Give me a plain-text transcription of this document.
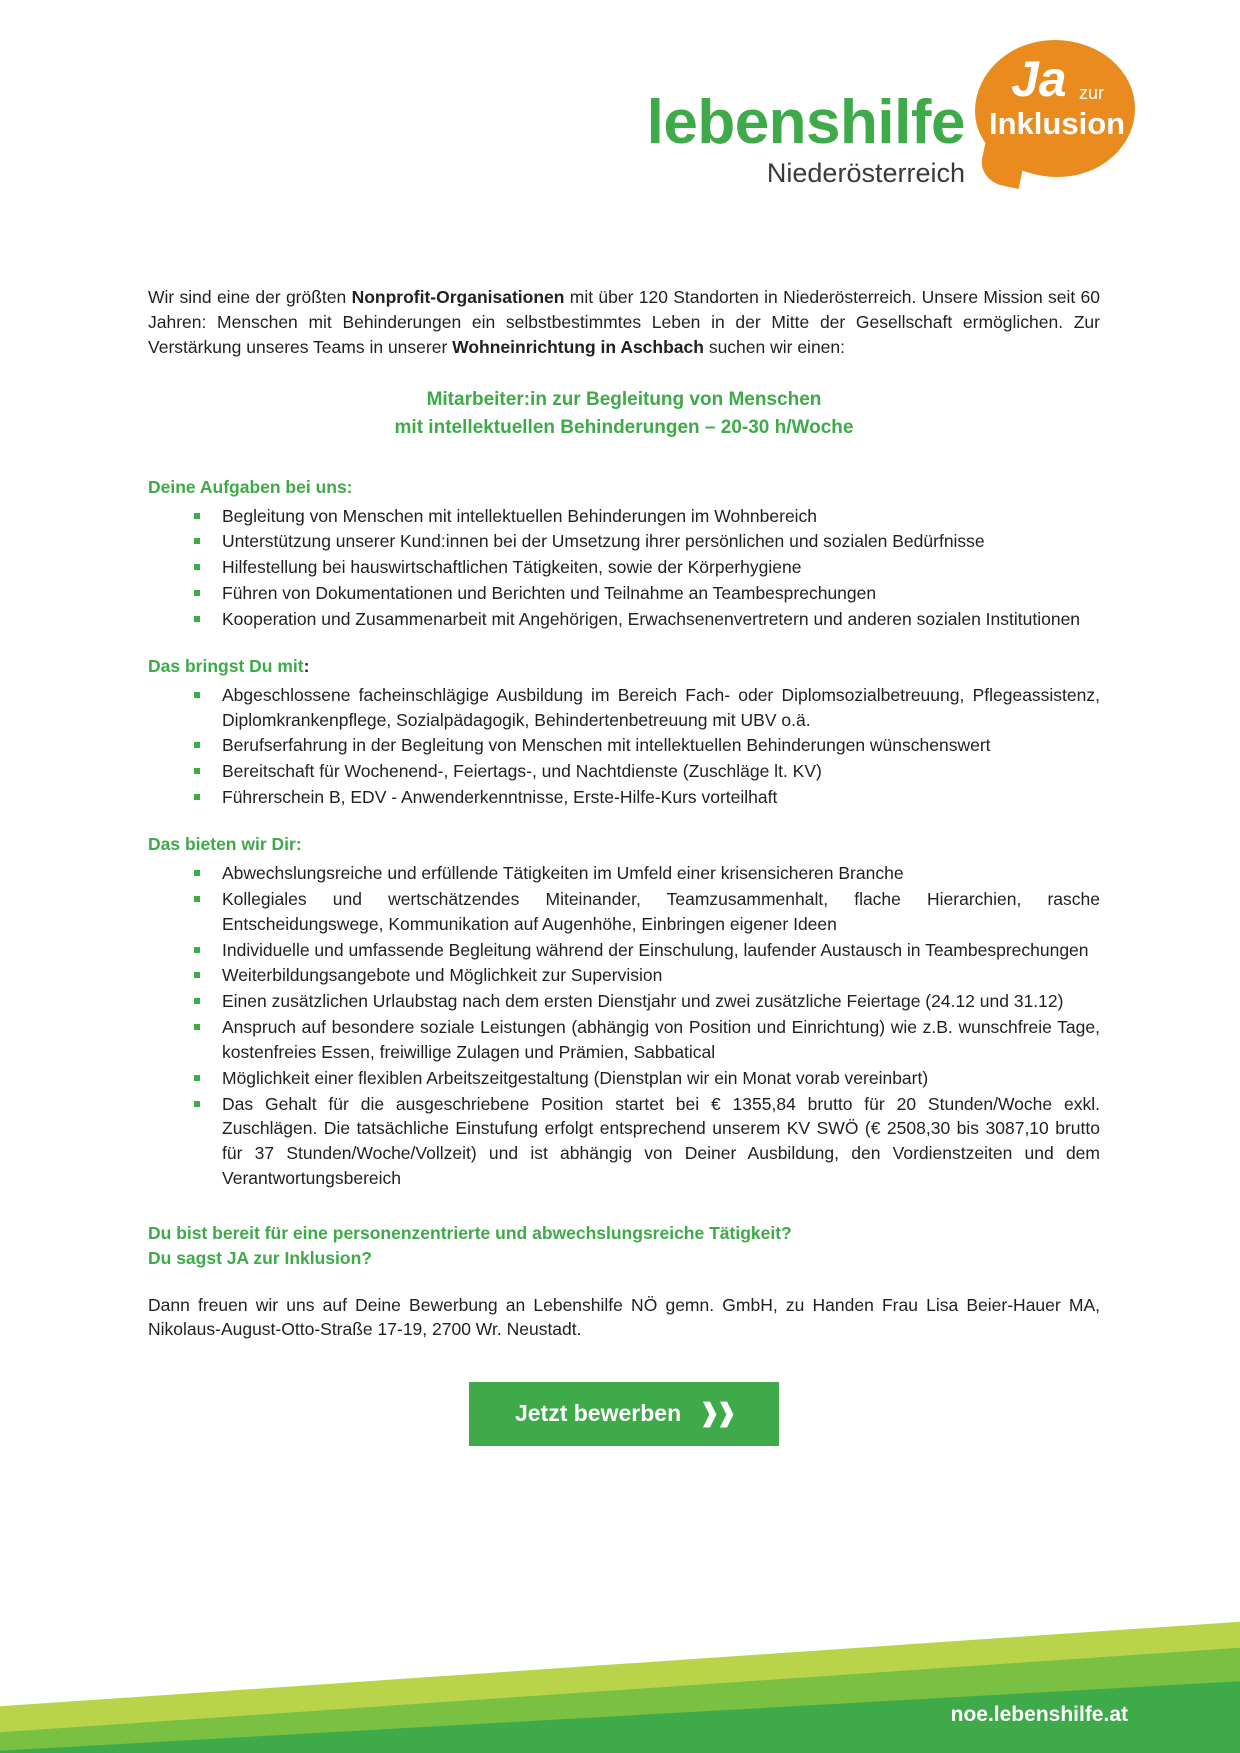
lebenshilfe
Niederösterreich
Ja zur
Inklusion

Wir sind eine der größten Nonprofit-Organisationen mit über 120 Standorten in Niederösterreich. Unsere Mission seit 60 Jahren: Menschen mit Behinderungen ein selbstbestimmtes Leben in der Mitte der Gesellschaft ermöglichen. Zur Verstärkung unseres Teams in unserer Wohneinrichtung in Aschbach suchen wir einen:

Mitarbeiter:in zur Begleitung von Menschen
mit intellektuellen Behinderungen – 20-30 h/Woche
Deine Aufgaben bei uns:
Begleitung von Menschen mit intellektuellen Behinderungen im Wohnbereich
Unterstützung unserer Kund:innen bei der Umsetzung ihrer persönlichen und sozialen Bedürfnisse
Hilfestellung bei hauswirtschaftlichen Tätigkeiten, sowie der Körperhygiene
Führen von Dokumentationen und Berichten und Teilnahme an Teambesprechungen
Kooperation und Zusammenarbeit mit Angehörigen, Erwachsenenvertretern und anderen sozialen Institutionen
Das bringst Du mit:
Abgeschlossene facheinschlägige Ausbildung im Bereich Fach- oder Diplomsozialbetreuung, Pflegeassistenz, Diplomkrankenpflege, Sozialpädagogik, Behindertenbetreuung mit UBV o.ä.
Berufserfahrung in der Begleitung von Menschen mit intellektuellen Behinderungen wünschenswert
Bereitschaft für Wochenend-, Feiertags-, und Nachtdienste (Zuschläge lt. KV)
Führerschein B, EDV - Anwenderkenntnisse, Erste-Hilfe-Kurs vorteilhaft
Das bieten wir Dir:
Abwechslungsreiche und erfüllende Tätigkeiten im Umfeld einer krisensicheren Branche
Kollegiales und wertschätzendes Miteinander, Teamzusammenhalt, flache Hierarchien, rasche Entscheidungswege, Kommunikation auf Augenhöhe, Einbringen eigener Ideen
Individuelle und umfassende Begleitung während der Einschulung, laufender Austausch in Teambesprechungen
Weiterbildungsangebote und Möglichkeit zur Supervision
Einen zusätzlichen Urlaubstag nach dem ersten Dienstjahr und zwei zusätzliche Feiertage (24.12 und 31.12)
Anspruch auf besondere soziale Leistungen (abhängig von Position und Einrichtung) wie z.B. wunschfreie Tage, kostenfreies Essen, freiwillige Zulagen und Prämien, Sabbatical
Möglichkeit einer flexiblen Arbeitszeitgestaltung (Dienstplan wir ein Monat vorab vereinbart)
Das Gehalt für die ausgeschriebene Position startet bei € 1355,84 brutto für 20 Stunden/Woche exkl. Zuschlägen. Die tatsächliche Einstufung erfolgt entsprechend unserem KV SWÖ (€ 2508,30 bis 3087,10 brutto für 37 Stunden/Woche/Vollzeit) und ist abhängig von Deiner Ausbildung, den Vordienstzeiten und dem Verantwortungsbereich
Du bist bereit für eine personenzentrierte und abwechslungsreiche Tätigkeit?
Du sagst JA zur Inklusion?

Dann freuen wir uns auf Deine Bewerbung an Lebenshilfe NÖ gemn. GmbH, zu Handen Frau Lisa Beier-Hauer MA, Nikolaus-August-Otto-Straße 17-19, 2700 Wr. Neustadt.

Jetzt bewerben ❱❱
noe.lebenshilfe.at
